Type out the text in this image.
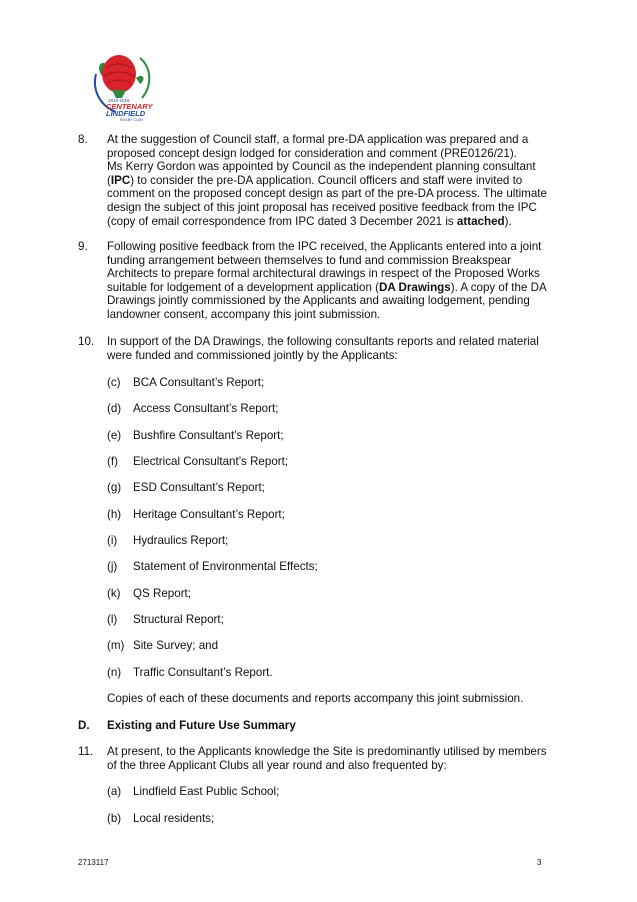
1919-2019
CENTENARY
LINDFIELD
RUGBY CLUB
8. At the suggestion of Council staff, a formal pre-DA application was prepared and a
proposed concept design lodged for consideration and comment (PRE0126/21).
Ms Kerry Gordon was appointed by Council as the independent planning consultant
(IPC) to consider the pre-DA application. Council officers and staff were invited to
comment on the proposed concept design as part of the pre-DA process. The ultimate
design the subject of this joint proposal has received positive feedback from the IPC
(copy of email correspondence from IPC dated 3 December 2021 is attached).
9. Following positive feedback from the IPC received, the Applicants entered into a joint
funding arrangement between themselves to fund and commission Breakspear
Architects to prepare formal architectural drawings in respect of the Proposed Works
suitable for lodgement of a development application (DA Drawings). A copy of the DA
Drawings jointly commissioned by the Applicants and awaiting lodgement, pending
landowner consent, accompany this joint submission.
10. In support of the DA Drawings, the following consultants reports and related material
were funded and commissioned jointly by the Applicants:
(c) BCA Consultant’s Report;
(d) Access Consultant’s Report;
(e) Bushfire Consultant’s Report;
(f) Electrical Consultant’s Report;
(g) ESD Consultant’s Report;
(h) Heritage Consultant’s Report;
(i) Hydraulics Report;
(j) Statement of Environmental Effects;
(k) QS Report;
(l) Structural Report;
(m) Site Survey; and
(n) Traffic Consultant’s Report.
Copies of each of these documents and reports accompany this joint submission.
D. Existing and Future Use Summary
11. At present, to the Applicants knowledge the Site is predominantly utilised by members
of the three Applicant Clubs all year round and also frequented by:
(a) Lindfield East Public School;
(b) Local residents;
2713117	3
